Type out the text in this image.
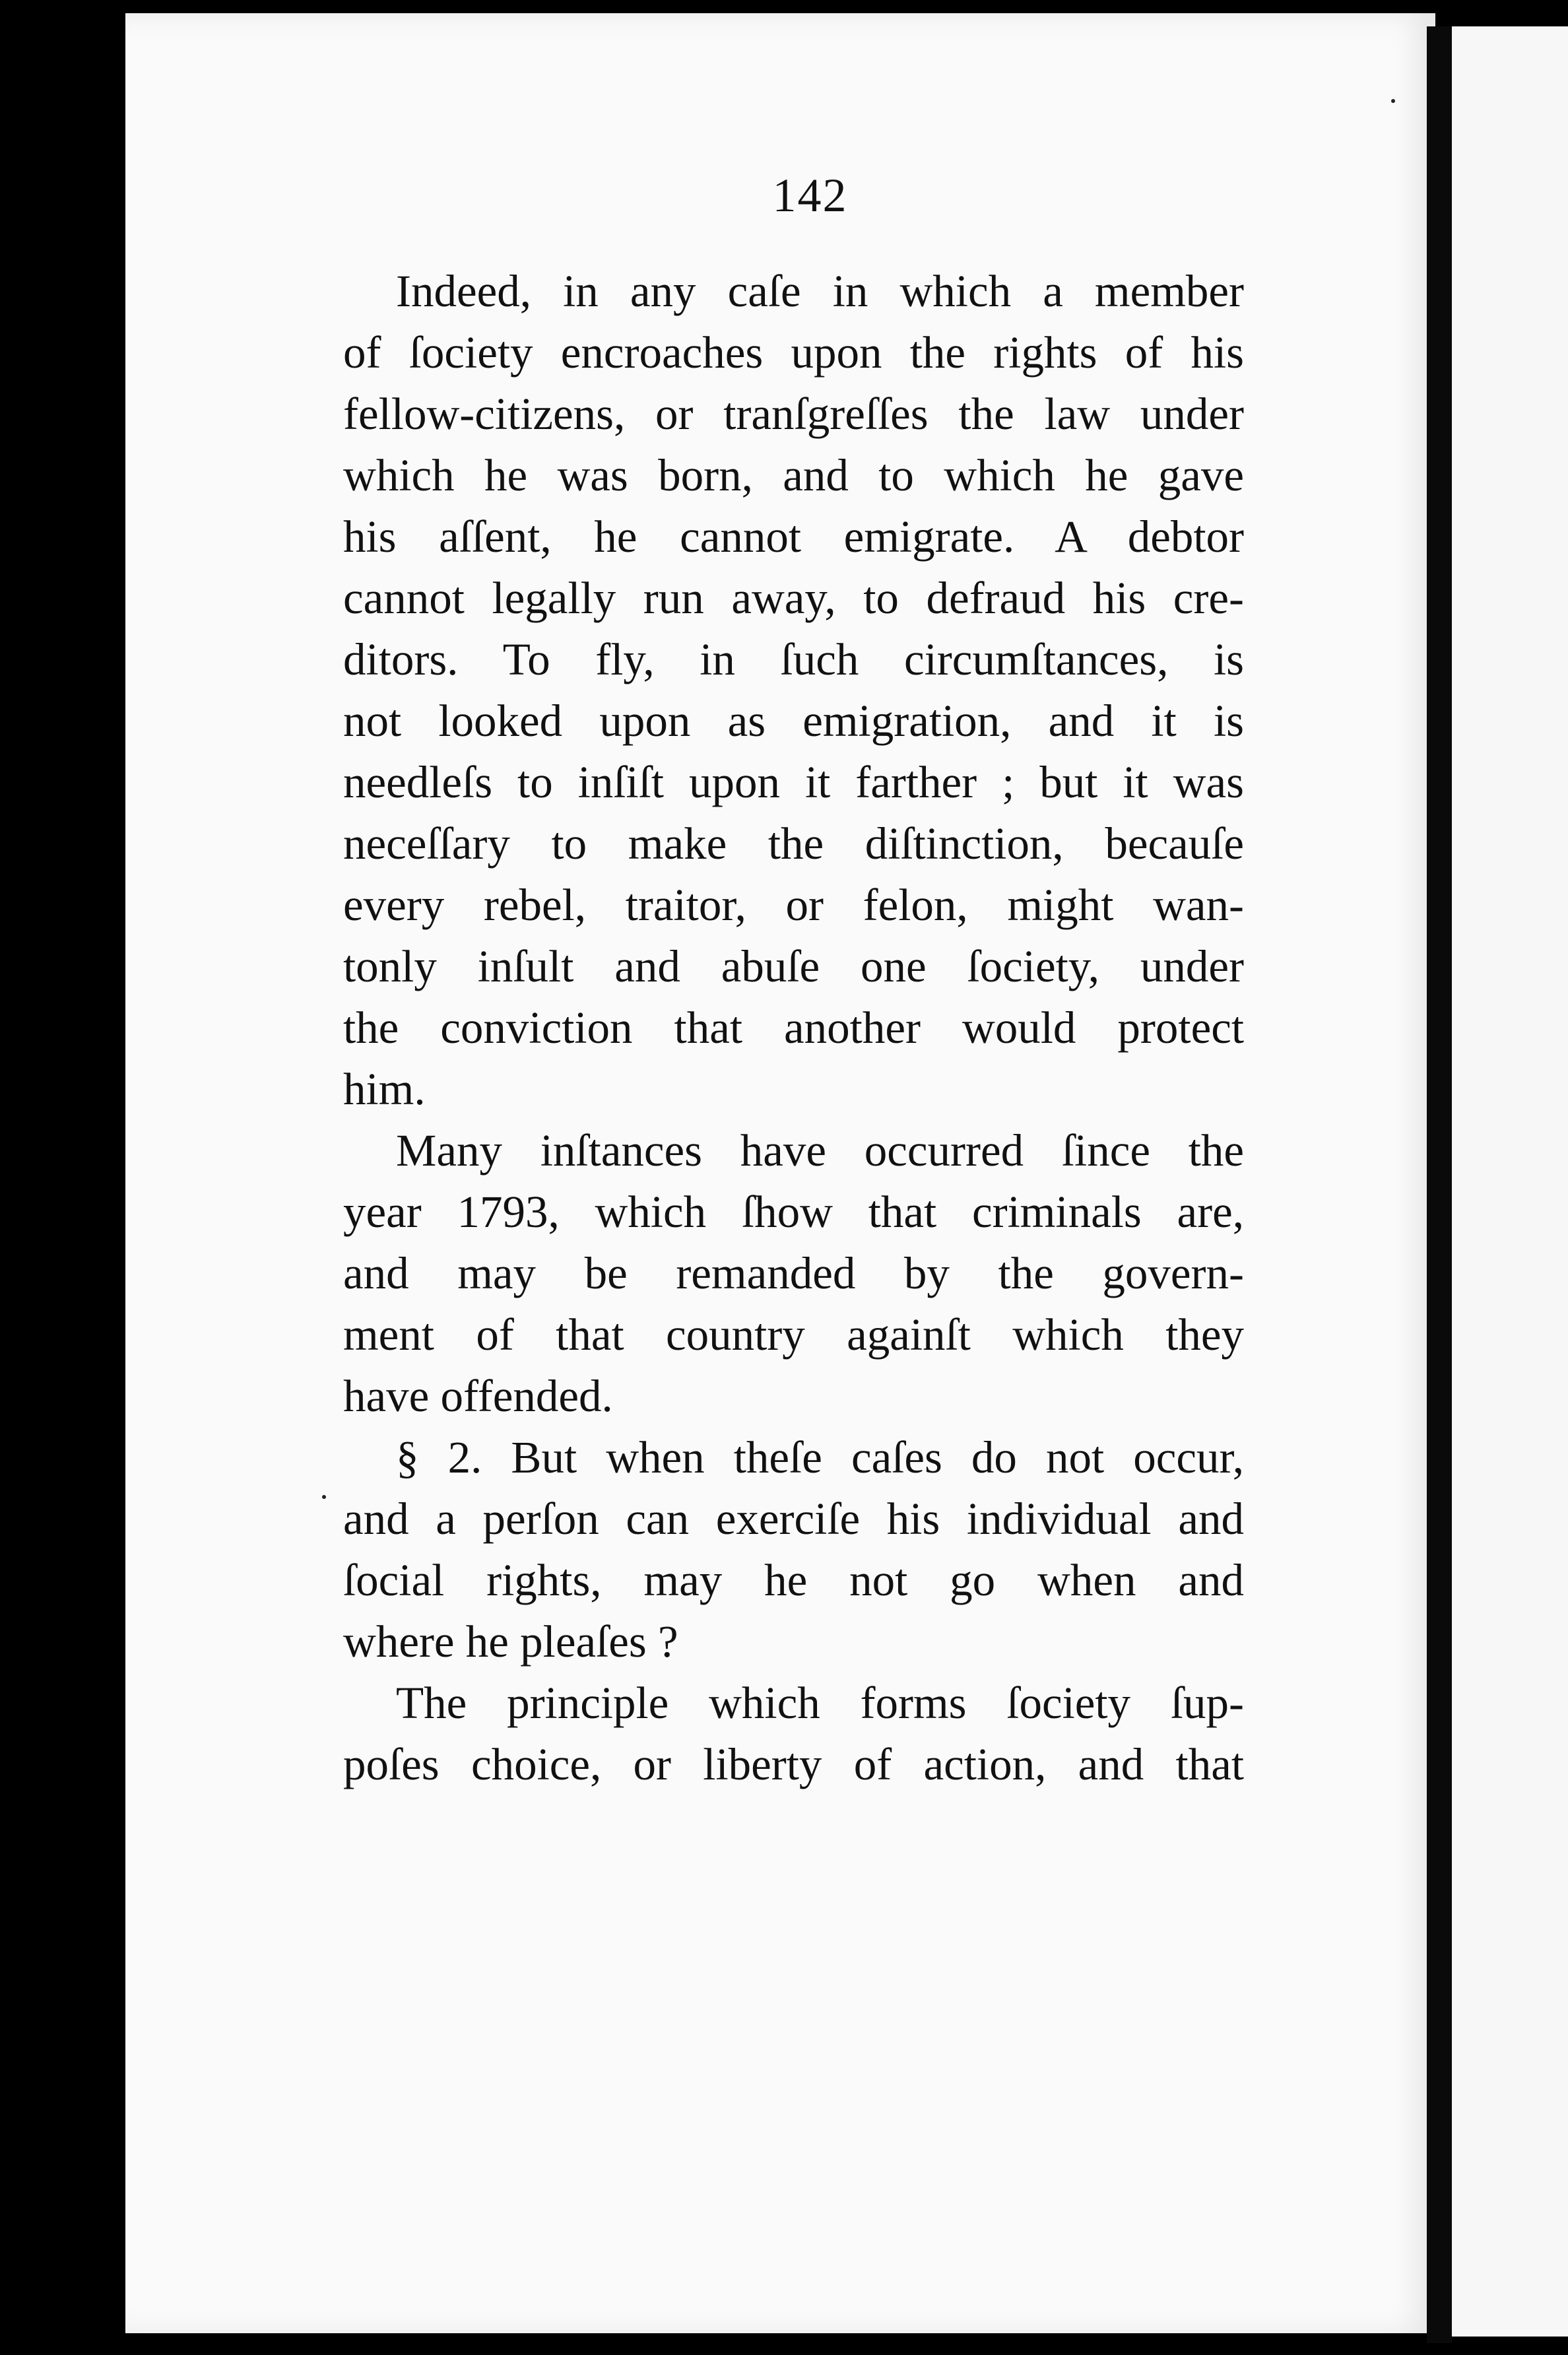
142
Indeed, in any caſe in which a member
of ſociety encroaches upon the rights of his
fellow-citizens, or tranſgreſſes the law under
which he was born, and to which he gave
his aſſent, he cannot emigrate. A debtor
cannot legally run away, to defraud his cre-
ditors. To fly, in ſuch circumſtances, is
not looked upon as emigration, and it is
needleſs to inſiſt upon it farther ; but it was
neceſſary to make the diſtinction, becauſe
every rebel, traitor, or felon, might wan-
tonly inſult and abuſe one ſociety, under
the conviction that another would protect
him.
Many inſtances have occurred ſince the
year 1793, which ſhow that criminals are,
and may be remanded by the govern-
ment of that country againſt which they
have offended.
§ 2. But when theſe caſes do not occur,
and a perſon can exerciſe his individual and
ſocial rights, may he not go when and
where he pleaſes ?
The principle which forms ſociety ſup-
poſes choice, or liberty of action, and that
